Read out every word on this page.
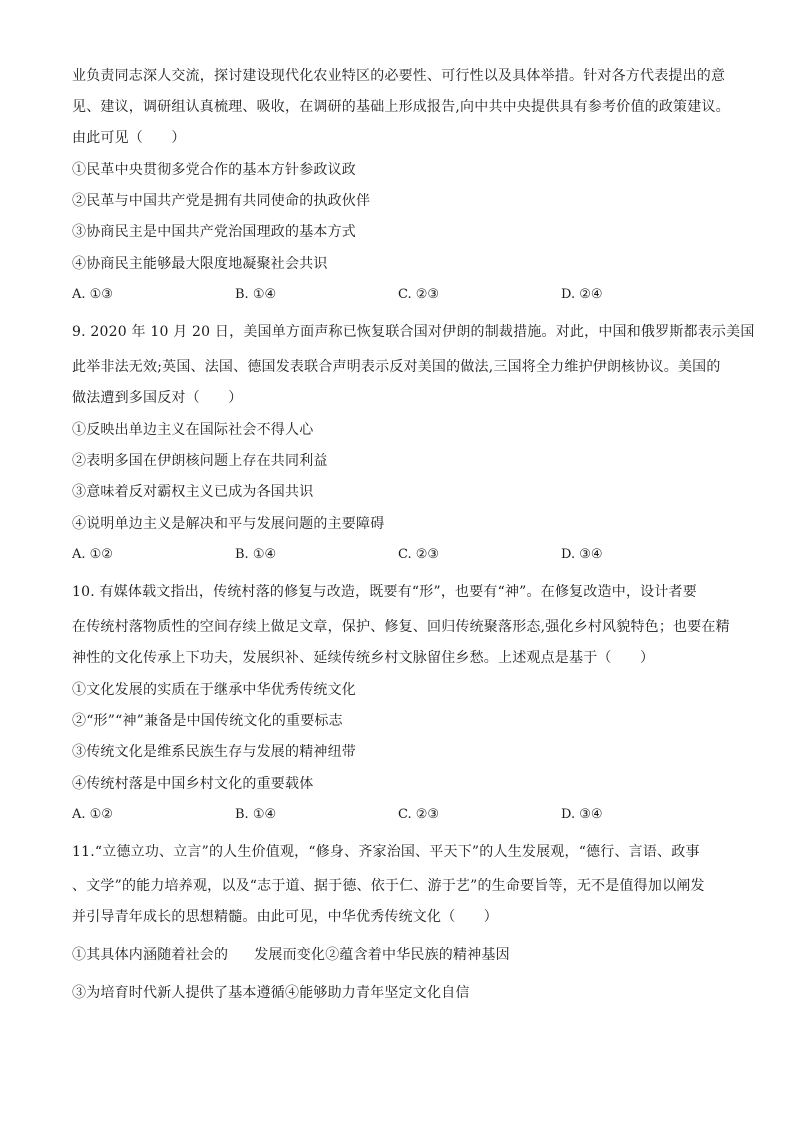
业负责同志深人交流，探讨建设现代化农业特区的必要性、可行性以及具体举措。针对各方代表提出的意
见、建议，调研组认真梳理、吸收，在调研的基础上形成报告,向中共中央提供具有参考价值的政策建议。
由此可见（　　）
①民革中央贯彻多党合作的基本方针参政议政
②民革与中国共产党是拥有共同使命的执政伙伴
③协商民主是中国共产党治国理政的基本方式
④协商民主能够最大限度地凝聚社会共识
A. ①③	B. ①④	C. ②③	D. ②④
9. 2020 年 10 月 20 日，美国单方面声称已恢复联合国对伊朗的制裁措施。对此，中国和俄罗斯都表示美国
此举非法无效;英国、法国、德国发表联合声明表示反对美国的做法,三国将全力维护伊朗核协议。美国的
做法遭到多国反对（　　）
①反映出单边主义在国际社会不得人心
②表明多国在伊朗核问题上存在共同利益
③意味着反对霸权主义已成为各国共识
④说明单边主义是解决和平与发展问题的主要障碍
A. ①②	B. ①④	C. ②③	D. ③④
10. 有媒体载文指出，传统村落的修复与改造，既要有“形”，也要有“神”。在修复改造中，设计者要
在传统村落物质性的空间存续上做足文章，保护、修复、回归传统聚落形态,强化乡村风貌特色；也要在精
神性的文化传承上下功夫，发展织补、延续传统乡村文脉留住乡愁。上述观点是基于（　　）
①文化发展的实质在于继承中华优秀传统文化
②“形”“神”兼备是中国传统文化的重要标志
③传统文化是维系民族生存与发展的精神纽带
④传统村落是中国乡村文化的重要载体
A. ①②	B. ①④	C. ②③	D. ③④
11.“立德立功、立言”的人生价值观，“修身、齐家治国、平天下”的人生发展观，“德行、言语、政事
、文学”的能力培养观，以及“志于道、据于德、依于仁、游于艺”的生命要旨等，无不是值得加以阐发
并引导青年成长的思想精髓。由此可见，中华优秀传统文化（　　）
①其具体内涵随着社会的 发展而变化②蕴含着中华民族的精神基因
③为培育时代新人提供了基本遵循④能够助力青年坚定文化自信
